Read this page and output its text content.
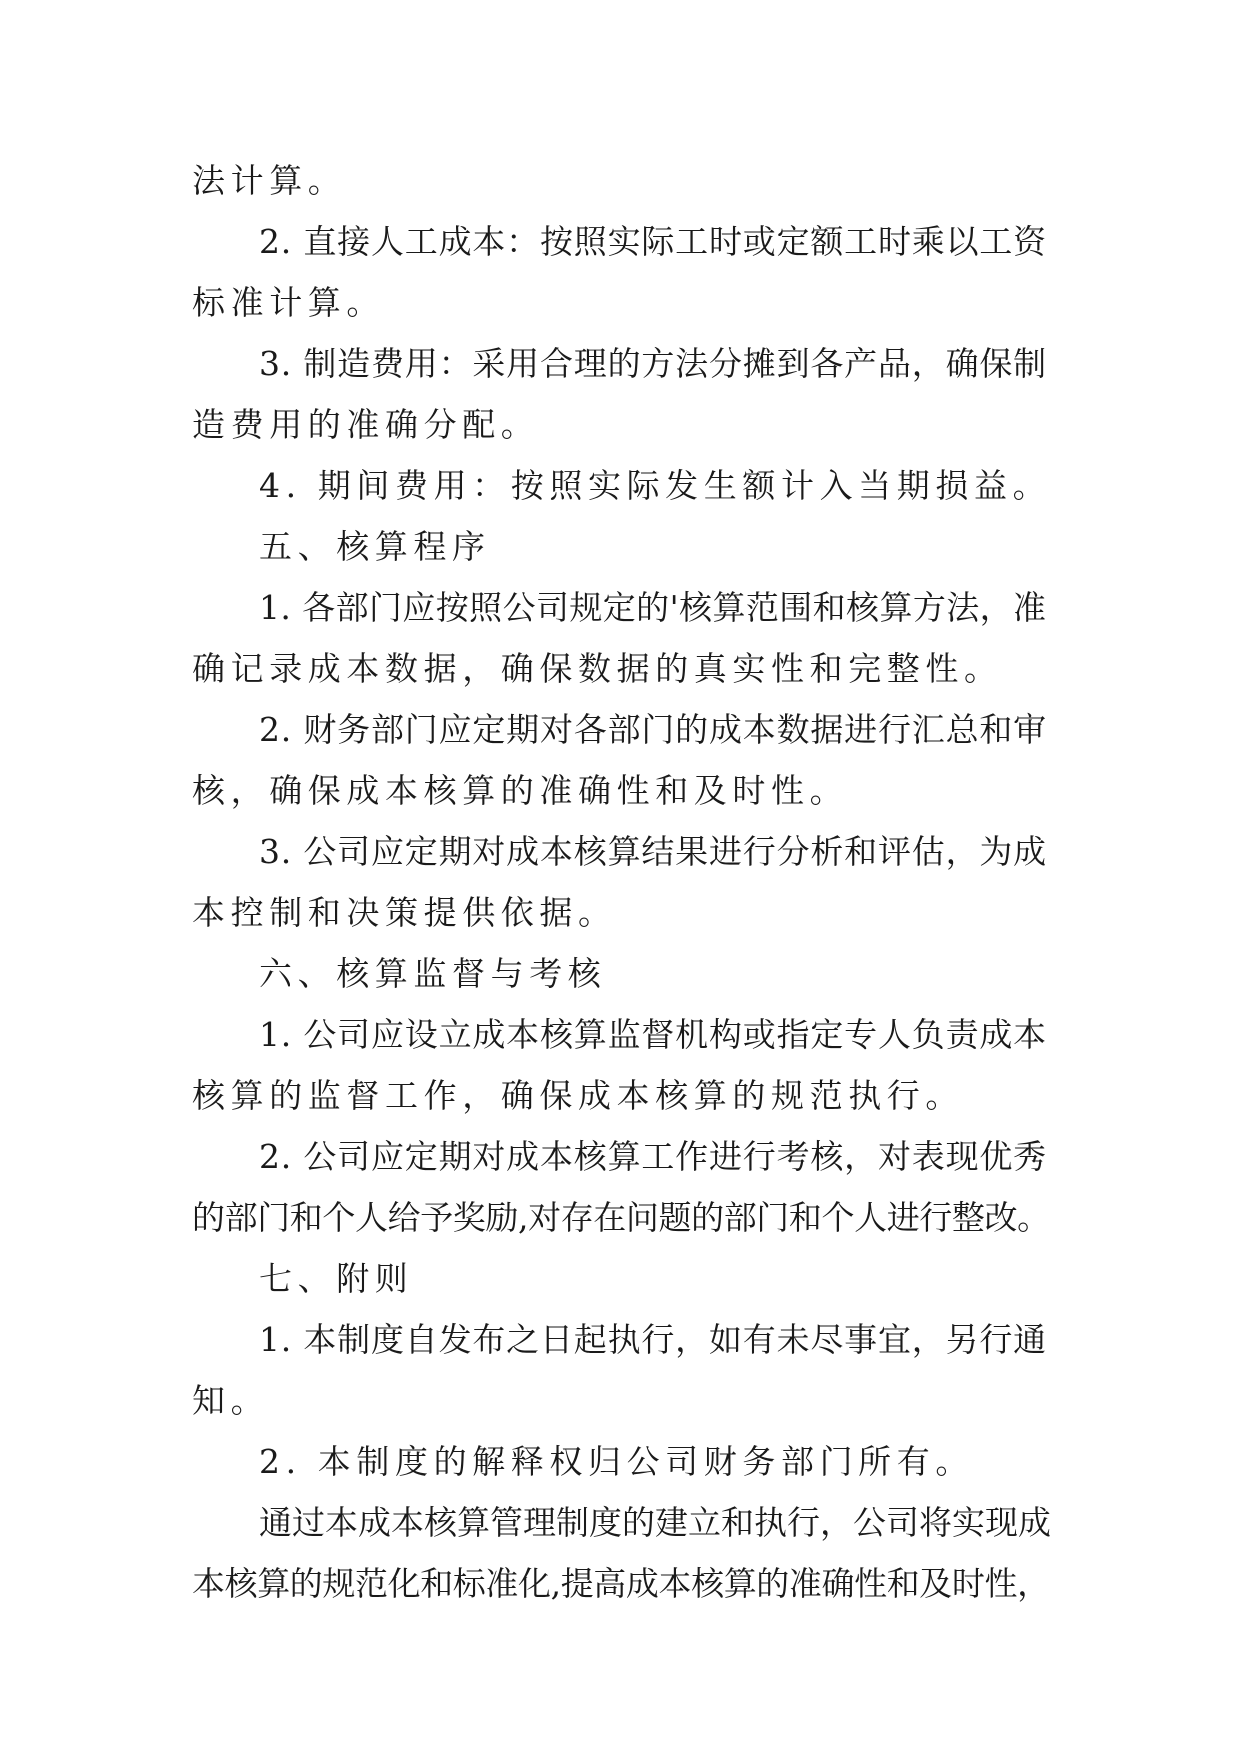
法计算。
2. 直接人工成本：按照实际工时或定额工时乘以工资
标准计算。
3. 制造费用：采用合理的方法分摊到各产品，确保制
造费用的准确分配。
4. 期间费用：按照实际发生额计入当期损益。
五、核算程序
1. 各部门应按照公司规定的'核算范围和核算方法，准
确记录成本数据，确保数据的真实性和完整性。
2. 财务部门应定期对各部门的成本数据进行汇总和审
核，确保成本核算的准确性和及时性。
3. 公司应定期对成本核算结果进行分析和评估，为成
本控制和决策提供依据。
六、核算监督与考核
1. 公司应设立成本核算监督机构或指定专人负责成本
核算的监督工作，确保成本核算的规范执行。
2. 公司应定期对成本核算工作进行考核，对表现优秀
的部门和个人给予奖励,对存在问题的部门和个人进行整改。
七、附则
1. 本制度自发布之日起执行，如有未尽事宜，另行通
知。
2. 本制度的解释权归公司财务部门所有。
通过本成本核算管理制度的建立和执行，公司将实现成
本核算的规范化和标准化,提高成本核算的准确性和及时性，
